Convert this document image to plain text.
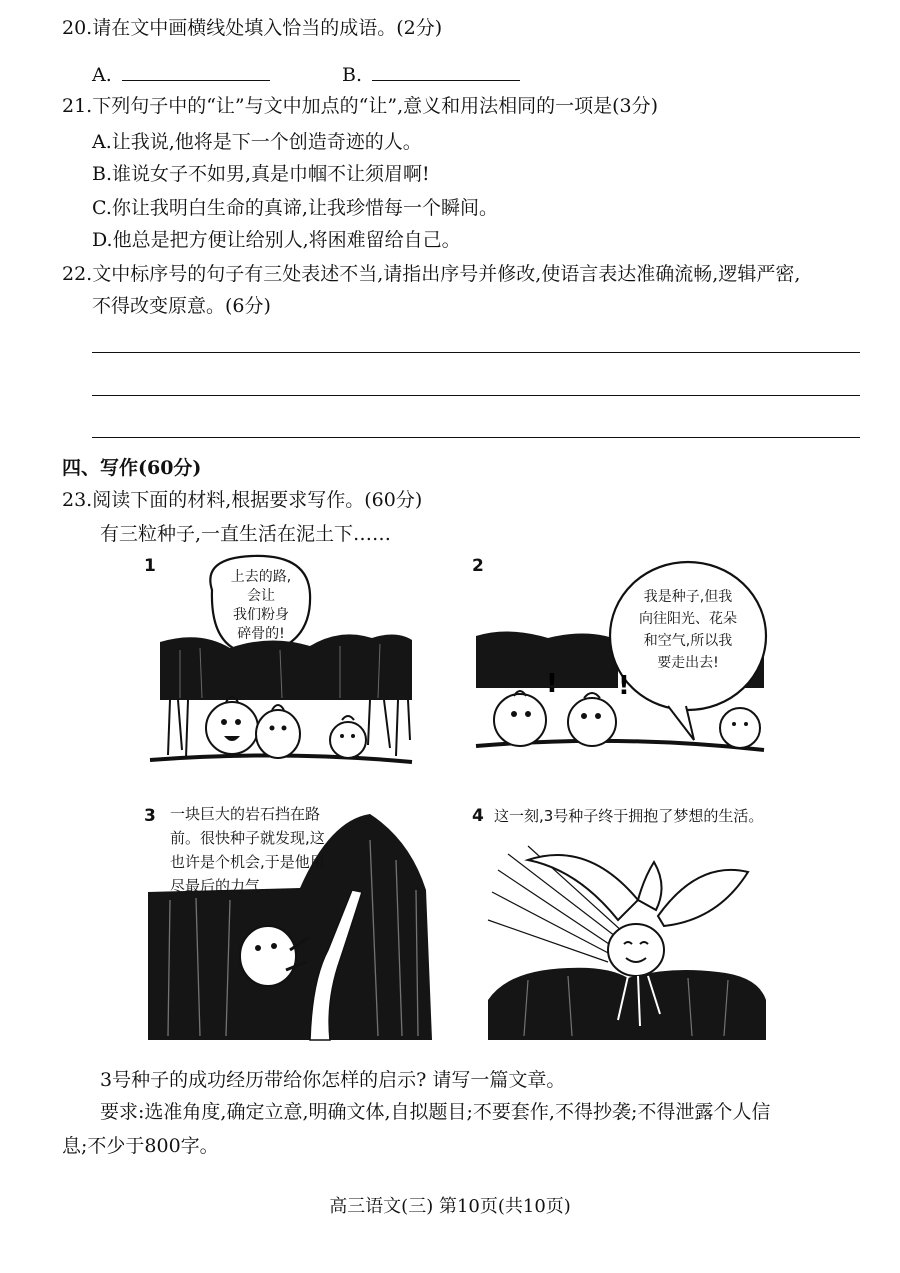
20.请在文中画横线处填入恰当的成语。(2分)
A.	B.
21.下列句子中的“让”与文中加点的“让”,意义和用法相同的一项是(3分)
A.让我说,他将是下一个创造奇迹的人。
B.谁说女子不如男,真是巾帼不让须眉啊!
C.你让我明白生命的真谛,让我珍惜每一个瞬间。
D.他总是把方便让给别人,将困难留给自己。
22.文中标序号的句子有三处表述不当,请指出序号并修改,使语言表达准确流畅,逻辑严密,
不得改变原意。(6分)
四、写作(60分)
23.阅读下面的材料,根据要求写作。(60分)
有三粒种子,一直生活在泥土下……
1
上去的路,
会让
我们粉身
碎骨的!
2
! !
我是种子,但我
向往阳光、花朵
和空气,所以我
要走出去!
3 一块巨大的岩石挡在路
前。很快种子就发现,这
也许是个机会,于是他用
尽最后的力气……
4 这一刻,3号种子终于拥抱了梦想的生活。
3号种子的成功经历带给你怎样的启示? 请写一篇文章。
要求:选准角度,确定立意,明确文体,自拟题目;不要套作,不得抄袭;不得泄露个人信
息;不少于800字。
高三语文(三) 第10页(共10页)
